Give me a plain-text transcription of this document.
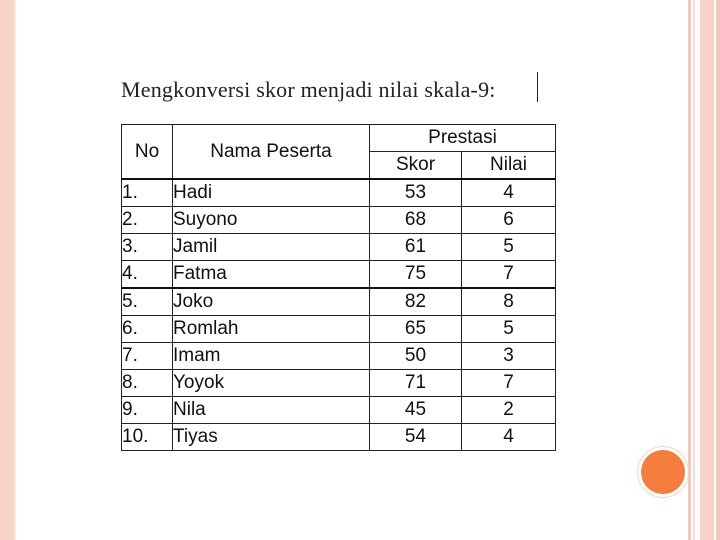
Mengkonversi skor menjadi nilai skala-9:
No	Nama Peserta	Prestasi	
		Skor	Nilai
1.	Hadi	53	4
2.	Suyono	68	6
3.	Jamil	61	5
4.	Fatma	75	7
5.	Joko	82	8
6.	Romlah	65	5
7.	Imam	50	3
8.	Yoyok	71	7
9.	Nila	45	2
10.	Tiyas	54	4
